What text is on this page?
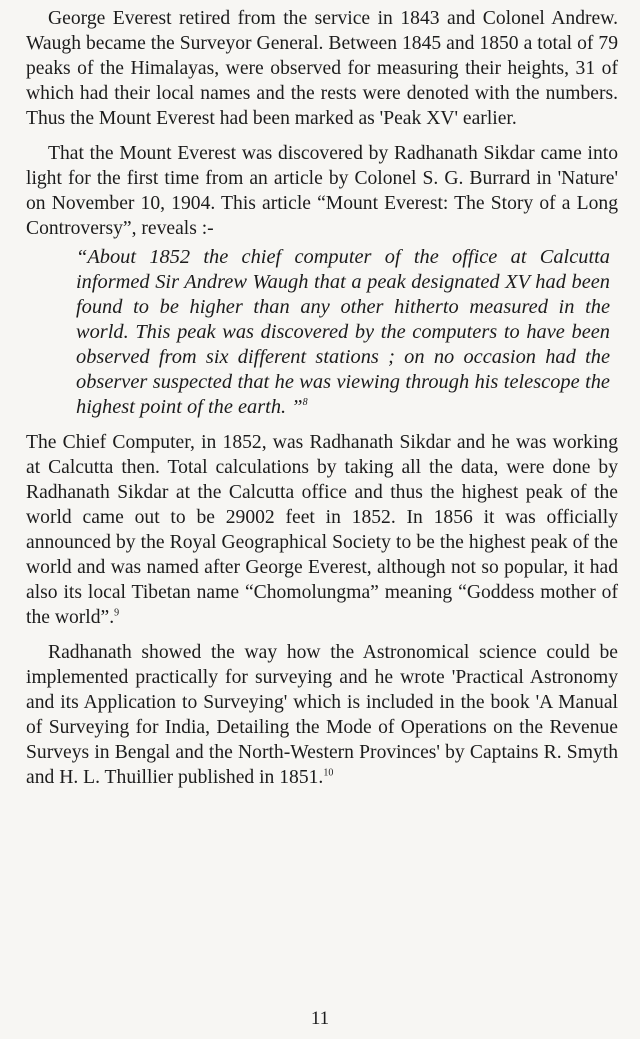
George Everest retired from the service in 1843 and Colonel Andrew. Waugh became the Surveyor General. Between 1845 and 1850 a total of 79 peaks of the Himalayas, were observed for measuring their heights, 31 of which had their local names and the rests were denoted with the numbers. Thus the Mount Everest had been marked as 'Peak XV' earlier.

That the Mount Everest was discovered by Radhanath Sikdar came into light for the first time from an article by Colonel S. G. Burrard in 'Nature' on November 10, 1904. This article “Mount Everest: The Story of a Long Controversy”, reveals :-

“About 1852 the chief computer of the office at Calcutta informed Sir Andrew Waugh that a peak designated XV had been found to be higher than any other hitherto measured in the world. This peak was discovered by the computers to have been observed from six different stations ; on no occasion had the observer suspected that he was viewing through his telescope the highest point of the earth. ”$^8$

The Chief Computer, in 1852, was Radhanath Sikdar and he was working at Calcutta then. Total calculations by taking all the data, were done by Radhanath Sikdar at the Calcutta office and thus the highest peak of the world came out to be 29002 feet in 1852. In 1856 it was officially announced by the Royal Geographical Society to be the highest peak of the world and was named after George Everest, although not so popular, it had also its local Tibetan name “Chomolungma” meaning “Goddess mother of the world”.$^9$

Radhanath showed the way how the Astronomical science could be implemented practically for surveying and he wrote 'Practical Astronomy and its Application to Surveying' which is included in the book 'A Manual of Surveying for India, Detailing the Mode of Operations on the Revenue Surveys in Bengal and the North-Western Provinces' by Captains R. Smyth and H. L. Thuillier published in 1851.10

11
